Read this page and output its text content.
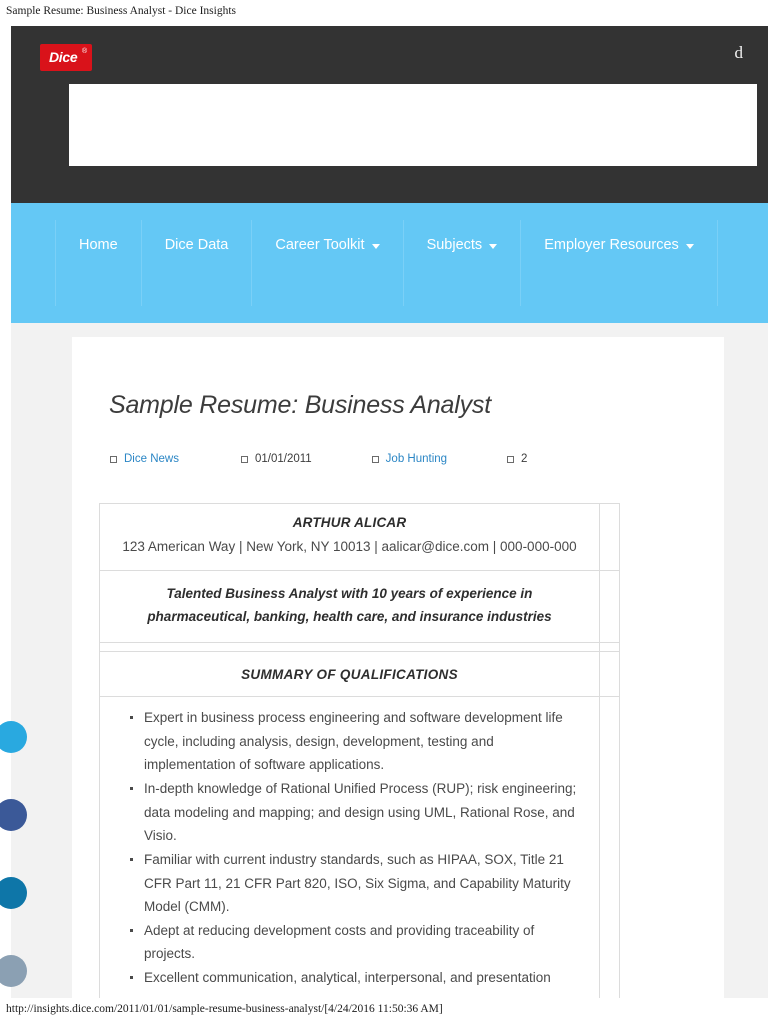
Sample Resume: Business Analyst - Dice Insights
Dice ®	d
Home	Dice Data	Career Toolkit	Subjects	Employer Resources
Sample Resume: Business Analyst
Dice News	01/01/2011	Job Hunting	2
ARTHUR ALICAR
123 American Way | New York, NY 10013 | aalicar@dice.com | 000-000-000	

Talented Business Analyst with 10 years of experience in pharmaceutical, banking, health care, and insurance industries	

SUMMARY OF QUALIFICATIONS	

Expert in business process engineering and software development life cycle, including analysis, design, development, testing and implementation of software applications.
In-depth knowledge of Rational Unified Process (RUP); risk engineering; data modeling and mapping; and design using UML, Rational Rose, and Visio.
Familiar with current industry standards, such as HIPAA, SOX, Title 21 CFR Part 11, 21 CFR Part 820, ISO, Six Sigma, and Capability Maturity Model (CMM).
Adept at reducing development costs and providing traceability of projects.
Excellent communication, analytical, interpersonal, and presentation

http://insights.dice.com/2011/01/01/sample-resume-business-analyst/[4/24/2016 11:50:36 AM]
